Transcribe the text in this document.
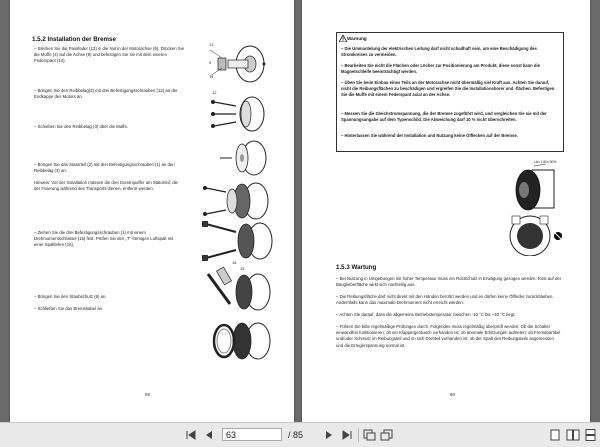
1.5.2 Installation der Bremse
– Stecken Sie die Passfeder (13) in die Nut in der Motorachse (9). Drücken Sie die Muffe (4) auf die Achse (9) und befestigen Sie sie mit dem inneren Federspant (14).
– Bringen Sie den Reibbelag(3) mit drei Befestigungsschrauben (12) an der Endkappe des Motors an.
– Schieben Sie den Reibbelag (3) über die Muffe.
– Bringen Sie das Statorteil (2) mit drei Befestigungsschrauben (1) an den Reibbelag (3) an.
Hinweis: Vor der Installation müssen die drei Gummipuffer am Statorteil, die der Fixierung während des Transports dienen, entfernt werden.
– Ziehen Sie die drei Befestigungsschrauben (1) mit einem Drehmomentschlüssel (15) fest. Prüfen Sie den „T“-förmigen Luftspalt mit einer Spaltlehre (16).
– Bringen Sie den Staubschutz (6) an.
– Schließen Sie das Bremskabel an.
13
9
14
12
16
15
59
Warnung
– Die Ummantelung der elektrischen Leitung darf nicht schadhaft sein, um eine Beschädigung des Stromkreises zu vermeiden.
– Bearbeiten Sie nicht die Flächen oder Löcher zur Positionierung am Produkt, diese sonst kann die Magnetschleife beeinträchtigt werden.
– Üben Sie beim Einbau eines Teils an der Motorachse nicht übermäßig viel Kraft aus. Achten Sie darauf, nicht die Reibungsflächen zu beschädigen und ergreifen Sie die Installationsborer und -flächen. Befestigen Sie die Muffe mit einem Federspant axial an der Achse.
– Messen Sie die Gleichstromspannung, die der Bremse zugeführt wird, und vergleichen Sie sie mit der Spannungsangabe auf dem Typenschild. Die Abweichung darf 10 % nicht überschreiten.
– Hinterlassen Sie während der Installation und Nutzung keine Ölflecken auf der Bremse.
Lito 1.5Ω=90%
1.5.3 Wartung
– Bei Nutzung in Umgebungen mit hoher Temperatur muss ein Rostschutz in Erwägung gezogen werden. Rost auf der Bauglieberfläche wirkt sich nachteilig aus.
– Die Reibungsfläche darf nicht direkt mit den Händen berührt werden und es dürfen keine Ölflecke zurückbleiben. Andernfalls kann das maximale Drehmoment nicht erreicht werden.
– Achten Sie darauf, dass die allgemeine Betriebstemperatur zwischen -10 °C bis +40 °C liegt.
– Führen Sie bitte regelmäßige Prüfungen durch. Folgendes muss regelmäßig überprüft werden: Ob die Schalter einwandfrei funktionieren; ob ein Klappergeräusch vorhanden ist; ob anomale Erhitzungen auftreten; ob Fremdpartikel und/oder Schmutz im Reibungsteil und im sich Drehteil vorhanden ist; ob der Spalt des Reibungsteils angemessen und die Erregerspannung normal ist.
60
63	/ 85
